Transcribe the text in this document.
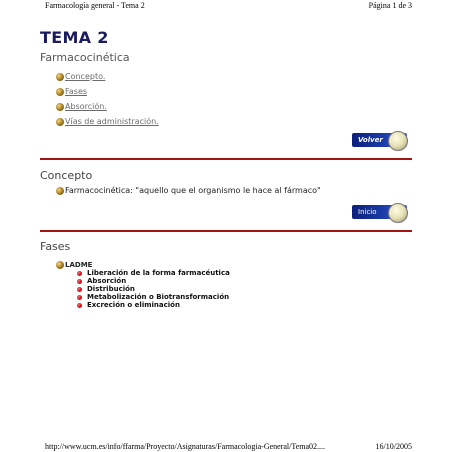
Farmacología general - Tema 2	Página 1 de 3
TEMA 2
Farmacocinética
Concepto.
Fases
Absorción.
Vías de administración.
Volver
Concepto
Farmacocinética: "aquello que el organismo le hace al fármaco"
Inicio
Fases
LADME
Liberación de la forma farmacéutica
Absorción
Distribución
Metabolización o Biotransformación
Excreción o eliminación
http://www.ucm.es/info/ffarma/Proyecto/Asignaturas/Farmacologia-General/Tema02....	16/10/2005
